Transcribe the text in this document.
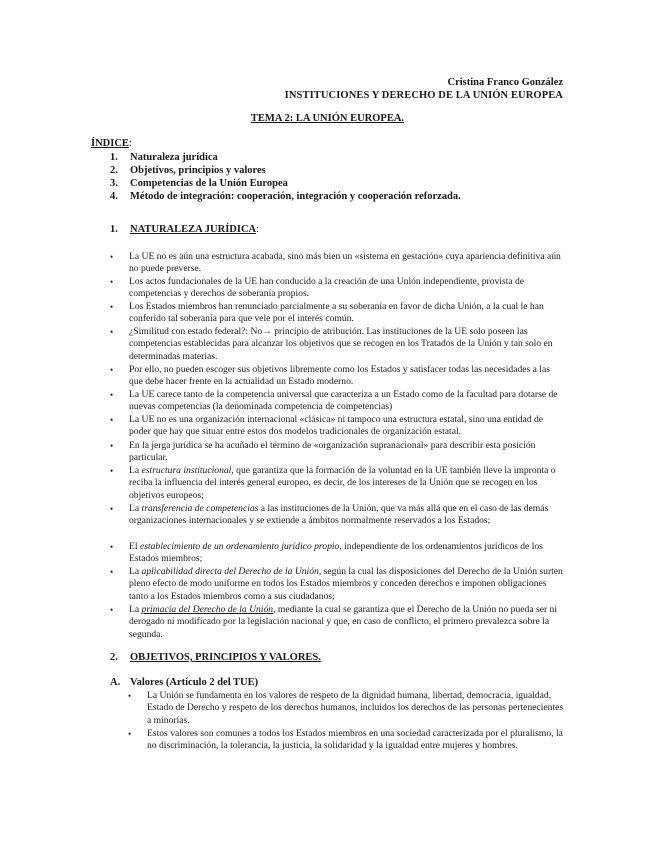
Cristina Franco González
INSTITUCIONES Y DERECHO DE LA UNIÓN EUROPEA
TEMA 2: LA UNIÓN EUROPEA.
ÍNDICE:
1. Naturaleza jurídica
2. Objetivos, principios y valores
3. Competencias de la Unión Europea
4. Método de integración: cooperación, integración y cooperación reforzada.
1. NATURALEZA JURÍDICA:
• La UE no es aún una estructura acabada, sino más bien un «sistema en gestación» cuya apariencia definitiva aún no puede preverse.
• Los actos fundacionales de la UE han conducido a la creación de una Unión independiente, provista de competencias y derechos de soberanía propios.
• Los Estados miembros han renunciado parcialmente a su soberanía en favor de dicha Unión, a la cual le han conferido tal soberanía para que vele por el interés común.
• ¿Similitud con estado federal?: No→ principio de atribución. Las instituciones de la UE solo poseen las competencias establecidas para alcanzar los objetivos que se recogen en los Tratados de la Unión y tan solo en determinadas materias.
• Por ello, no pueden escoger sus objetivos libremente como los Estados y satisfacer todas las necesidades a las que debe hacer frente en la actualidad un Estado moderno.
• La UE carece tanto de la competencia universal que caracteriza a un Estado como de la facultad para dotarse de nuevas competencias (la denominada competencia de competencias)
• La UE no es una organización internacional «clásica» ni tampoco una estructura estatal, sino una entidad de poder que hay que situar entre estos dos modelos tradicionales de organización estatal.
• En la jerga jurídica se ha acuñado el término de «organización supranacional» para describir esta posición particular.
• La estructura institucional, que garantiza que la formación de la voluntad en la UE también lleve la impronta o reciba la influencia del interés general europeo, es decir, de los intereses de la Unión que se recogen en los objetivos europeos;
• La transferencia de competencias a las instituciones de la Unión, que va más allá que en el caso de las demás organizaciones internacionales y se extiende a ámbitos normalmente reservados a los Estados;
• El establecimiento de un ordenamiento jurídico propio, independiente de los ordenamientos jurídicos de los Estados miembros;
• La aplicabilidad directa del Derecho de la Unión, según la cual las disposiciones del Derecho de la Unión surten pleno efecto de modo uniforme en todos los Estados miembros y conceden derechos e imponen obligaciones tanto a los Estados miembros como a sus ciudadanos;
• La primacía del Derecho de la Unión, mediante la cual se garantiza que el Derecho de la Unión no pueda ser ni derogado ni modificado por la legislación nacional y que, en caso de conflicto, el primero prevalezca sobre la segunda.
2. OBJETIVOS, PRINCIPIOS Y VALORES.
A. Valores (Artículo 2 del TUE)
• La Unión se fundamenta en los valores de respeto de la dignidad humana, libertad, democracia, igualdad, Estado de Derecho y respeto de los derechos humanos, incluidos los derechos de las personas pertenecientes a minorías.
• Estos valores son comunes a todos los Estados miembros en una sociedad caracterizada por el pluralismo, la no discriminación, la tolerancia, la justicia, la solidaridad y la igualdad entre mujeres y hombres.
